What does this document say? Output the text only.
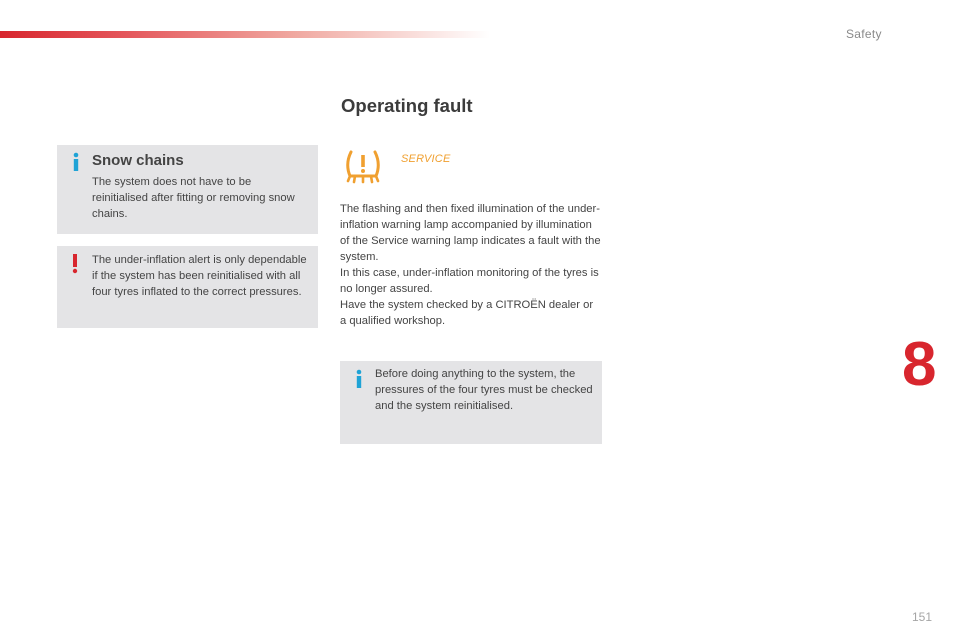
Safety
Snow chains
The system does not have to be reinitialised after fitting or removing snow chains.
The under-inflation alert is only dependable if the system has been reinitialised with all four tyres inflated to the correct pressures.
Operating fault
SERVICE

The flashing and then fixed illumination of the under-inflation warning lamp accompanied by illumination of the Service warning lamp indicates a fault with the system.

In this case, under-inflation monitoring of the tyres is no longer assured.

Have the system checked by a CITROËN dealer or a qualified workshop.

Before doing anything to the system, the pressures of the four tyres must be checked and the system reinitialised.
8
151
